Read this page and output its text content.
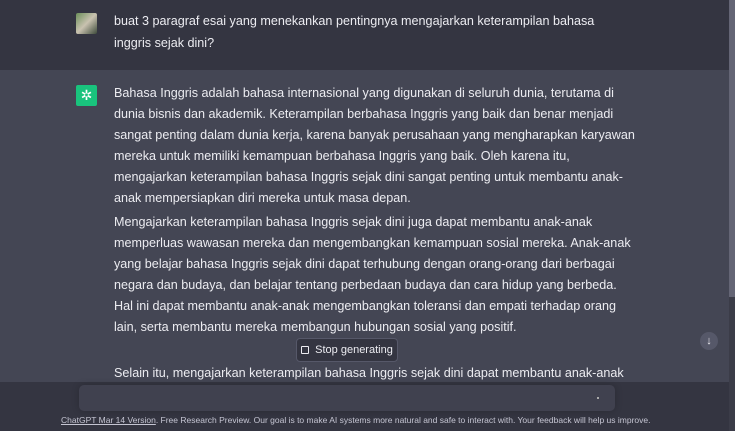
buat 3 paragraf esai yang menekankan pentingnya mengajarkan keterampilan bahasa
inggris sejak dini?
✲	Bahasa Inggris adalah bahasa internasional yang digunakan di seluruh dunia, terutama di
dunia bisnis dan akademik. Keterampilan berbahasa Inggris yang baik dan benar menjadi
sangat penting dalam dunia kerja, karena banyak perusahaan yang mengharapkan karyawan
mereka untuk memiliki kemampuan berbahasa Inggris yang baik. Oleh karena itu,
mengajarkan keterampilan bahasa Inggris sejak dini sangat penting untuk membantu anak-
anak mempersiapkan diri mereka untuk masa depan.
Mengajarkan keterampilan bahasa Inggris sejak dini juga dapat membantu anak-anak
memperluas wawasan mereka dan mengembangkan kemampuan sosial mereka. Anak-anak
yang belajar bahasa Inggris sejak dini dapat terhubung dengan orang-orang dari berbagai
negara dan budaya, dan belajar tentang perbedaan budaya dan cara hidup yang berbeda.
Hal ini dapat membantu anak-anak mengembangkan toleransi dan empati terhadap orang
lain, serta membantu mereka membangun hubungan sosial yang positif.
Selain itu, mengajarkan keterampilan bahasa Inggris sejak dini dapat membantu anak-anak
Stop generating
ChatGPT Mar 14 Version. Free Research Preview. Our goal is to make AI systems more natural and safe to interact with. Your feedback will help us improve.
↓
